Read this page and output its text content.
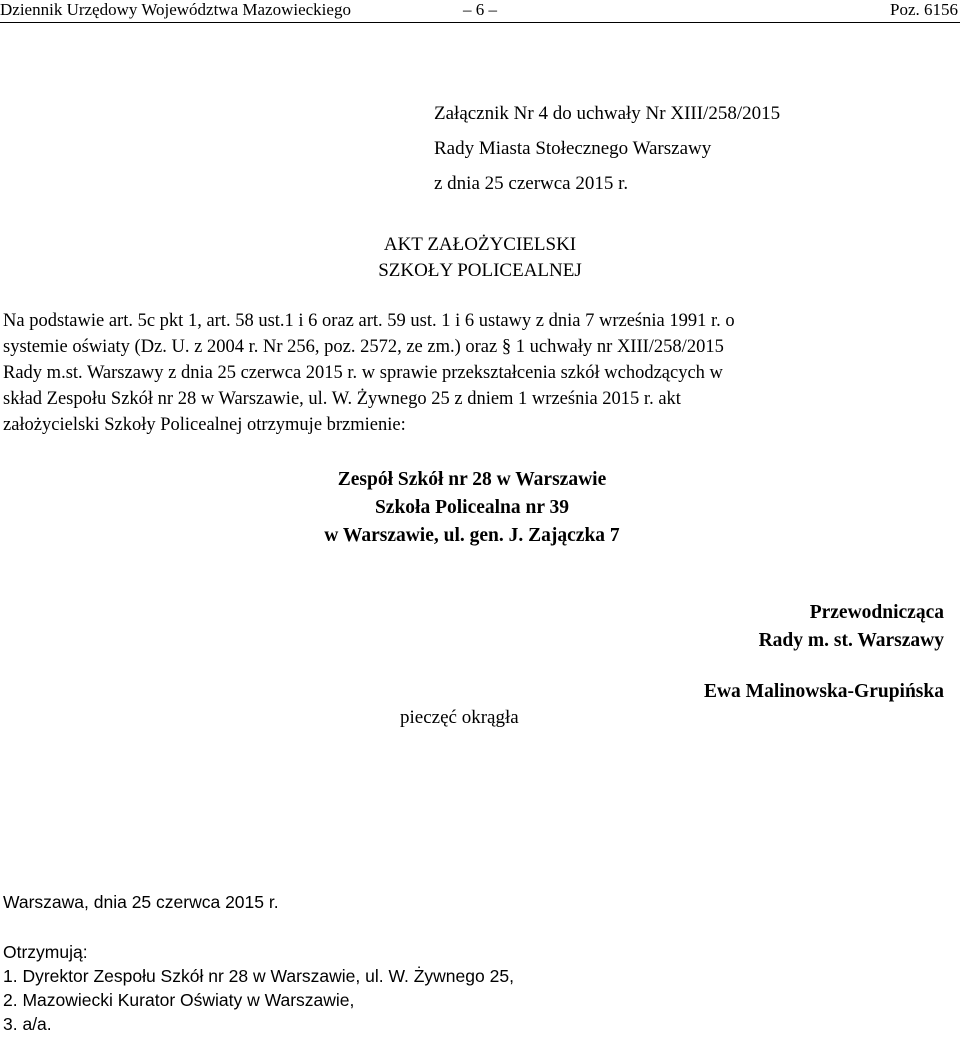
Dziennik Urzędowy Województwa Mazowieckiego	– 6 –	Poz. 6156
Załącznik Nr 4 do uchwały Nr XIII/258/2015
Rady Miasta Stołecznego Warszawy
z dnia 25 czerwca 2015 r.
AKT ZAŁOŻYCIELSKI
SZKOŁY POLICEALNEJ
Na podstawie art. 5c pkt 1, art. 58 ust.1 i 6 oraz art. 59 ust. 1 i 6 ustawy z dnia 7 września 1991 r. o
systemie oświaty (Dz. U. z 2004 r. Nr 256, poz. 2572, ze zm.) oraz § 1 uchwały nr XIII/258/2015
Rady m.st. Warszawy z dnia 25 czerwca 2015 r. w sprawie przekształcenia szkół wchodzących w
skład Zespołu Szkół nr 28 w Warszawie, ul. W. Żywnego 25 z dniem 1 września 2015 r. akt
założycielski Szkoły Policealnej otrzymuje brzmienie:
Zespół Szkół nr 28 w Warszawie
Szkoła Policealna nr 39
w Warszawie, ul. gen. J. Zajączka 7
Przewodnicząca
Rady m. st. Warszawy
Ewa Malinowska-Grupińska
pieczęć okrągła
Warszawa, dnia 25 czerwca 2015 r.
Otrzymują:
1. Dyrektor Zespołu Szkół nr 28 w Warszawie, ul. W. Żywnego 25,
2. Mazowiecki Kurator Oświaty w Warszawie,
3. a/a.
